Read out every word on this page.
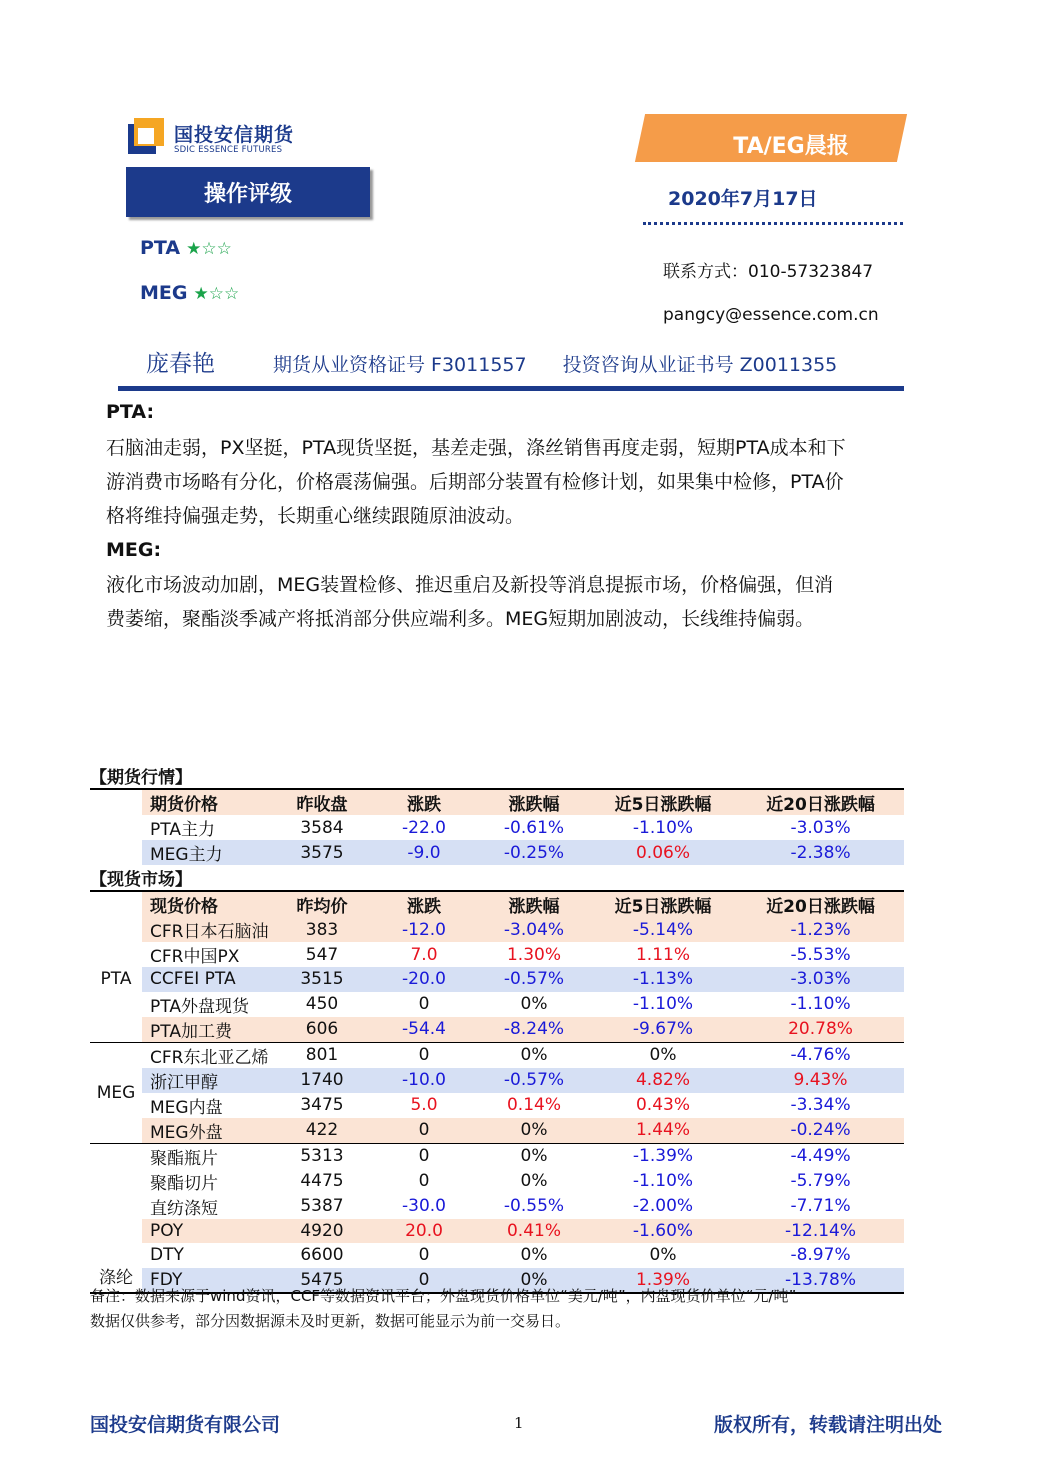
国投安信期货
SDIC ESSENCE FUTURES
操作评级
PTA ★☆☆
MEG ★☆☆
TA/EG晨报
2020年7月17日
联系方式：010-57323847
pangcy@essence.com.cn
庞春艳	期货从业资格证号 F3011557 投资咨询从业证书号 Z0011355
PTA:
石脑油走弱，PX坚挺，PTA现货坚挺，基差走强，涤丝销售再度走弱，短期PTA成本和下
游消费市场略有分化，价格震荡偏强。后期部分装置有检修计划，如果集中检修，PTA价
格将维持偏强走势，长期重心继续跟随原油波动。
MEG:
液化市场波动加剧，MEG装置检修、推迟重启及新投等消息提振市场，价格偏强，但消
费萎缩，聚酯淡季减产将抵消部分供应端利多。MEG短期加剧波动，长线维持偏弱。
【期货行情】						
	期货价格	昨收盘	涨跌	涨跌幅	近5日涨跌幅	近20日涨跌幅
	PTA主力	3584	-22.0	-0.61%	-1.10%	-3.03%
	MEG主力	3575	-9.0	-0.25%	0.06%	-2.38%
【现货市场】						
	现货价格	昨均价	涨跌	涨跌幅	近5日涨跌幅	近20日涨跌幅
PTA	CFR日本石脑油	383	-12.0	-3.04%	-5.14%	-1.23%
	CFR中国PX	547	7.0	1.30%	1.11%	-5.53%
	CCFEI PTA	3515	-20.0	-0.57%	-1.13%	-3.03%
	PTA外盘现货	450	0	0%	-1.10%	-1.10%
	PTA加工费	606	-54.4	-8.24%	-9.67%	20.78%
MEG	CFR东北亚乙烯	801	0	0%	0%	-4.76%
	浙江甲醇	1740	-10.0	-0.57%	4.82%	9.43%
	MEG内盘	3475	5.0	0.14%	0.43%	-3.34%
	MEG外盘	422	0	0%	1.44%	-0.24%
涤纶	聚酯瓶片	5313	0	0%	-1.39%	-4.49%
	聚酯切片	4475	0	0%	-1.10%	-5.79%
	直纺涤短	5387	-30.0	-0.55%	-2.00%	-7.71%
	POY	4920	20.0	0.41%	-1.60%	-12.14%
	DTY	6600	0	0%	0%	-8.97%
	FDY	5475	0	0%	1.39%	-13.78%
备注：数据来源于wind资讯，CCF等数据资讯平台；外盘现货价格单位“美元/吨”，内盘现货价单位“元/吨”
数据仅供参考，部分因数据源未及时更新，数据可能显示为前一交易日。
国投安信期货有限公司	1	版权所有，转载请注明出处
